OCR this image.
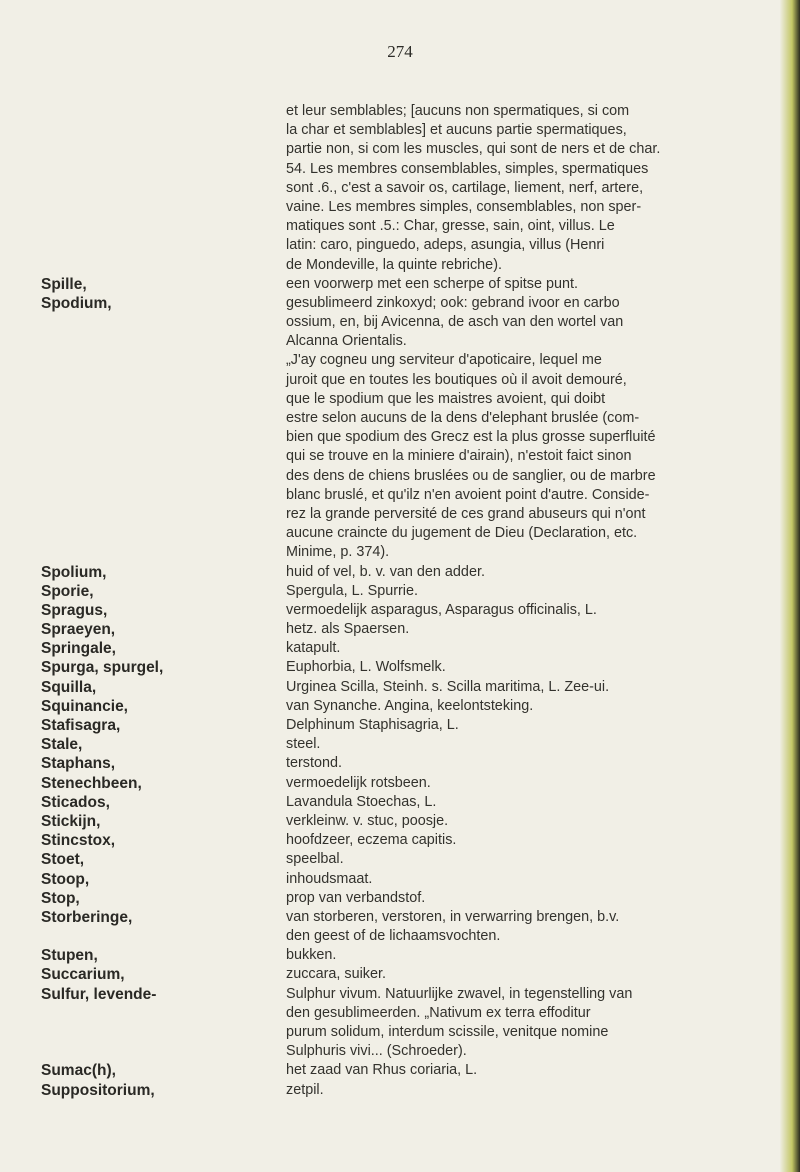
274
et leur semblables; [aucuns non spermatiques, si com
la char et semblables] et aucuns partie spermatiques,
partie non, si com les muscles, qui sont de ners et de char.
54. Les membres consemblables, simples, spermatiques
sont .6., c'est a savoir os, cartilage, liement, nerf, artere,
vaine. Les membres simples, consemblables, non sper-
matiques sont .5.: Char, gresse, sain, oint, villus. Le
latin: caro, pinguedo, adeps, asungia, villus (Henri
de Mondeville, la quinte rebriche).
Spille,	een voorwerp met een scherpe of spitse punt.
Spodium,	gesublimeerd zinkoxyd; ook: gebrand ivoor en carbo
ossium, en, bij Avicenna, de asch van den wortel van
Alcanna Orientalis.
„J'ay cogneu ung serviteur d'apoticaire, lequel me
juroit que en toutes les boutiques où il avoit demouré,
que le spodium que les maistres avoient, qui doibt
estre selon aucuns de la dens d'elephant bruslée (com-
bien que spodium des Grecz est la plus grosse superfluité
qui se trouve en la miniere d'airain), n'estoit faict sinon
des dens de chiens bruslées ou de sanglier, ou de marbre
blanc bruslé, et qu'ilz n'en avoient point d'autre. Conside-
rez la grande perversité de ces grand abuseurs qui n'ont
aucune craincte du jugement de Dieu (Declaration, etc.
Minime, p. 374).
Spolium,	huid of vel, b. v. van den adder.
Sporie,	Spergula, L. Spurrie.
Spragus,	vermoedelijk asparagus, Asparagus officinalis, L.
Spraeyen,	hetz. als Spaersen.
Springale,	katapult.
Spurga, spurgel,	Euphorbia, L. Wolfsmelk.
Squilla,	Urginea Scilla, Steinh. s. Scilla maritima, L. Zee-ui.
Squinancie,	van Synanche. Angina, keelontsteking.
Stafisagra,	Delphinum Staphisagria, L.
Stale,	steel.
Staphans,	terstond.
Stenechbeen,	vermoedelijk rotsbeen.
Sticados,	Lavandula Stoechas, L.
Stickijn,	verkleinw. v. stuc, poosje.
Stincstox,	hoofdzeer, eczema capitis.
Stoet,	speelbal.
Stoop,	inhoudsmaat.
Stop,	prop van verbandstof.
Storberinge,	van storberen, verstoren, in verwarring brengen, b.v.
den geest of de lichaamsvochten.
Stupen,	bukken.
Succarium,	zuccara, suiker.
Sulfur, levende-	Sulphur vivum. Natuurlijke zwavel, in tegenstelling van
den gesublimeerden. „Nativum ex terra effoditur
purum solidum, interdum scissile, venitque nomine
Sulphuris vivi... (Schroeder).
Sumac(h),	het zaad van Rhus coriaria, L.
Suppositorium,	zetpil.
